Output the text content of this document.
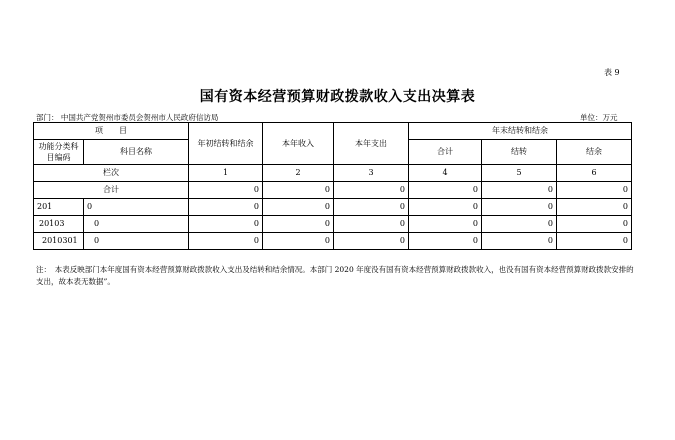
表 9
国有资本经营预算财政拨款收入支出决算表
部门： 中国共产党贺州市委员会贺州市人民政府信访局	单位：万元
项　　目		年初结转和结余	本年收入	本年支出	年末结转和结余		
功能分类科目编码	科目名称				合计	结转	结余
栏次		1	2	3	4	5	6
合计		0	0	0	0	0	0
201	0	0	0	0	0	0	0
20103	0	0	0	0	0	0	0
2010301	0	0	0	0	0	0	0
注：　本表反映部门本年度国有资本经营预算财政拨款收入支出及结转和结余情况。本部门 2020 年度没有国有资本经营预算财政拨款收入，也没有国有资本经营预算财政拨款安排的支出，故本表无数据”。
